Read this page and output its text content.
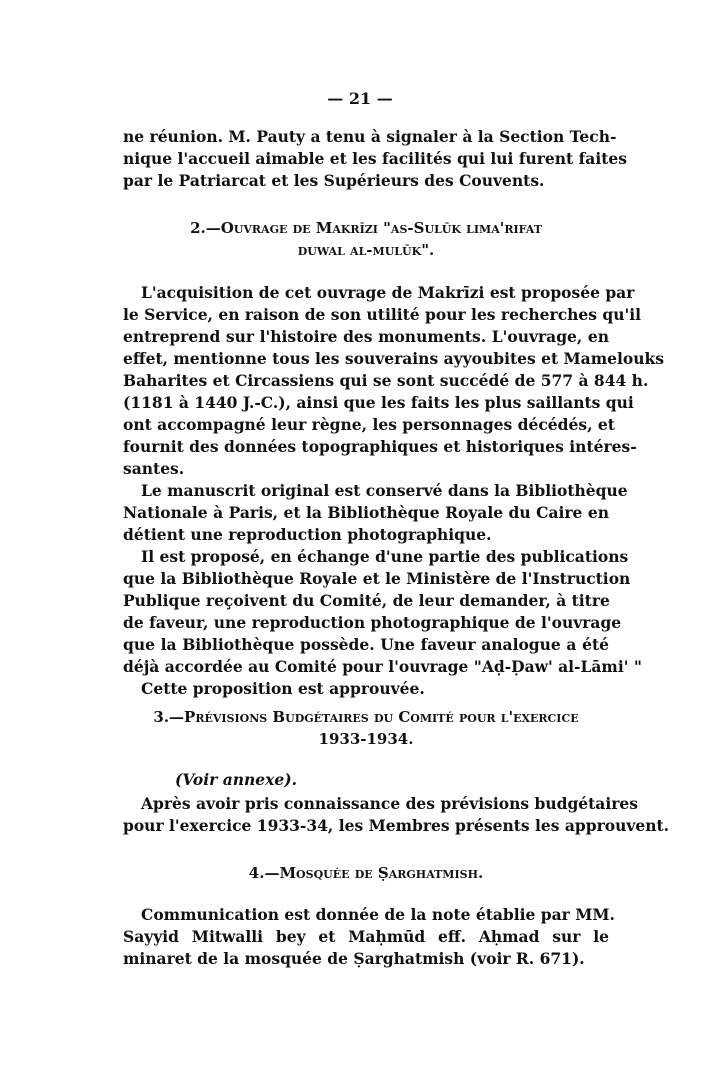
— 21 —
ne réunion. M. Pauty a tenu à signaler à la Section Tech-
nique l'accueil aimable et les facilités qui lui furent faites
par le Patriarcat et les Supérieurs des Couvents.
2.—Ouvrage de Makrīzi "as-Sulūk lima'rifat
duwal al-mulūk".
L'acquisition de cet ouvrage de Makrīzi est proposée par
le Service, en raison de son utilité pour les recherches qu'il
entreprend sur l'histoire des monuments. L'ouvrage, en
effet, mentionne tous les souverains ayyoubites et Mamelouks
Baharites et Circassiens qui se sont succédé de 577 à 844 h.
(1181 à 1440 J.-C.), ainsi que les faits les plus saillants qui
ont accompagné leur règne, les personnages décédés, et
fournit des données topographiques et historiques intéres-
santes.
Le manuscrit original est conservé dans la Bibliothèque
Nationale à Paris, et la Bibliothèque Royale du Caire en
détient une reproduction photographique.
Il est proposé, en échange d'une partie des publications
que la Bibliothèque Royale et le Ministère de l'Instruction
Publique reçoivent du Comité, de leur demander, à titre
de faveur, une reproduction photographique de l'ouvrage
que la Bibliothèque possède. Une faveur analogue a été
déjà accordée au Comité pour l'ouvrage "Aḍ-Ḍaw' al-Lāmi' "
Cette proposition est approuvée.
3.—Prévisions Budgétaires du Comité pour l'exercice
1933-1934.
(Voir annexe).
Après avoir pris connaissance des prévisions budgétaires
pour l'exercice 1933-34, les Membres présents les approuvent.
4.—Mosquée de Ṣarghatmish.
Communication est donnée de la note établie par MM.
Sayyid Mitwalli bey et Maḥmūd eff. Aḥmad sur le
minaret de la mosquée de Ṣarghatmish (voir R. 671).
